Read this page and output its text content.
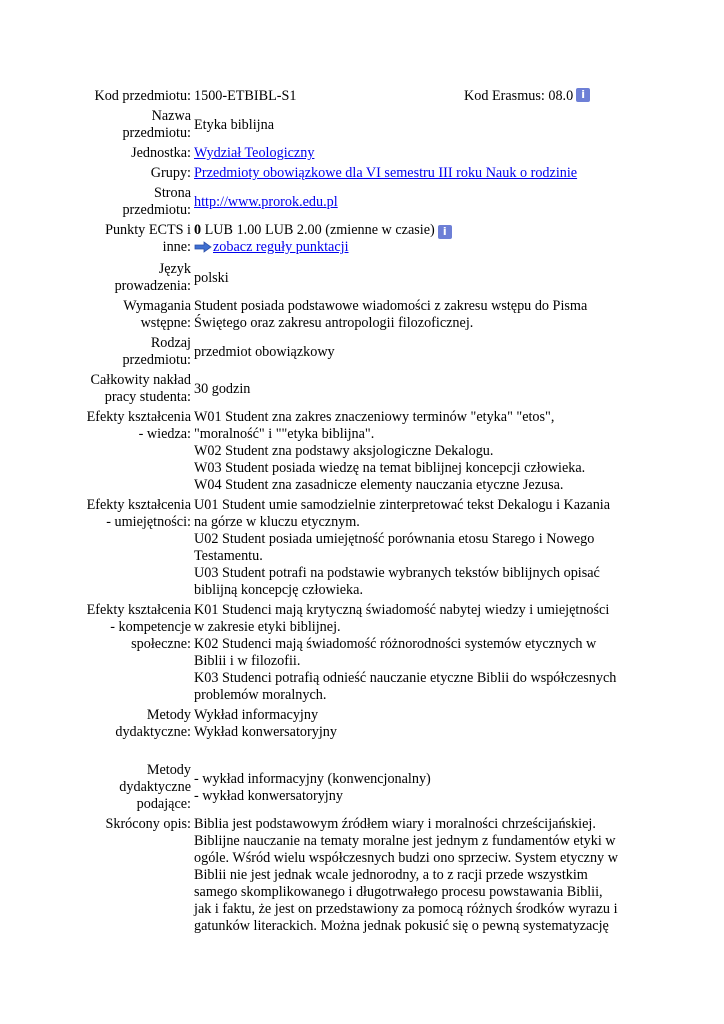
Kod przedmiotu: 1500-ETBIBL-S1	Kod Erasmus:
08.0 i
Nazwa
przedmiotu:
Etyka biblijna
Jednostka: Wydział Teologiczny
Grupy: Przedmioty obowiązkowe dla VI semestru III roku Nauk o rodzinie
Strona
przedmiotu:
http://www.prorok.edu.pl
Punkty ECTS i
inne:
0 LUB 1.00 LUB 2.00 (zmienne w czasie) i
zobacz reguły punktacji
Język
prowadzenia:
polski
Wymagania
wstępne:
Student posiada podstawowe wiadomości z zakresu wstępu do Pisma
Świętego oraz zakresu antropologii filozoficznej.
Rodzaj
przedmiotu:
przedmiot obowiązkowy
Całkowity nakład
pracy studenta:
30 godzin
Efekty kształcenia
- wiedza:
W01 Student zna zakres znaczeniowy terminów "etyka" "etos",
"moralność" i ""etyka biblijna".
W02 Student zna podstawy aksjologiczne Dekalogu.
W03 Student posiada wiedzę na temat biblijnej koncepcji człowieka.
W04 Student zna zasadnicze elementy nauczania etyczne Jezusa.
Efekty kształcenia
- umiejętności:
U01 Student umie samodzielnie zinterpretować tekst Dekalogu i Kazania
na górze w kluczu etycznym.
U02 Student posiada umiejętność porównania etosu Starego i Nowego
Testamentu.
U03 Student potrafi na podstawie wybranych tekstów biblijnych opisać
biblijną koncepcję człowieka.
Efekty kształcenia
- kompetencje
społeczne:
K01 Studenci mają krytyczną świadomość nabytej wiedzy i umiejętności
w zakresie etyki biblijnej.
K02 Studenci mają świadomość różnorodności systemów etycznych w
Biblii i w filozofii.
K03 Studenci potrafią odnieść nauczanie etyczne Biblii do współczesnych
problemów moralnych.
Metody
dydaktyczne:
Wykład informacyjny
Wykład konwersatoryjny
Metody
dydaktyczne
podające:
- wykład informacyjny (konwencjonalny)
- wykład konwersatoryjny
Skrócony opis: Biblia jest podstawowym źródłem wiary i moralności chrześcijańskiej.
Biblijne nauczanie na tematy moralne jest jednym z fundamentów etyki w
ogóle. Wśród wielu współczesnych budzi ono sprzeciw. System etyczny w
Biblii nie jest jednak wcale jednorodny, a to z racji przede wszystkim
samego skomplikowanego i długotrwałego procesu powstawania Biblii,
jak i faktu, że jest on przedstawiony za pomocą różnych środków wyrazu i
gatunków literackich. Można jednak pokusić się o pewną systematyzację
